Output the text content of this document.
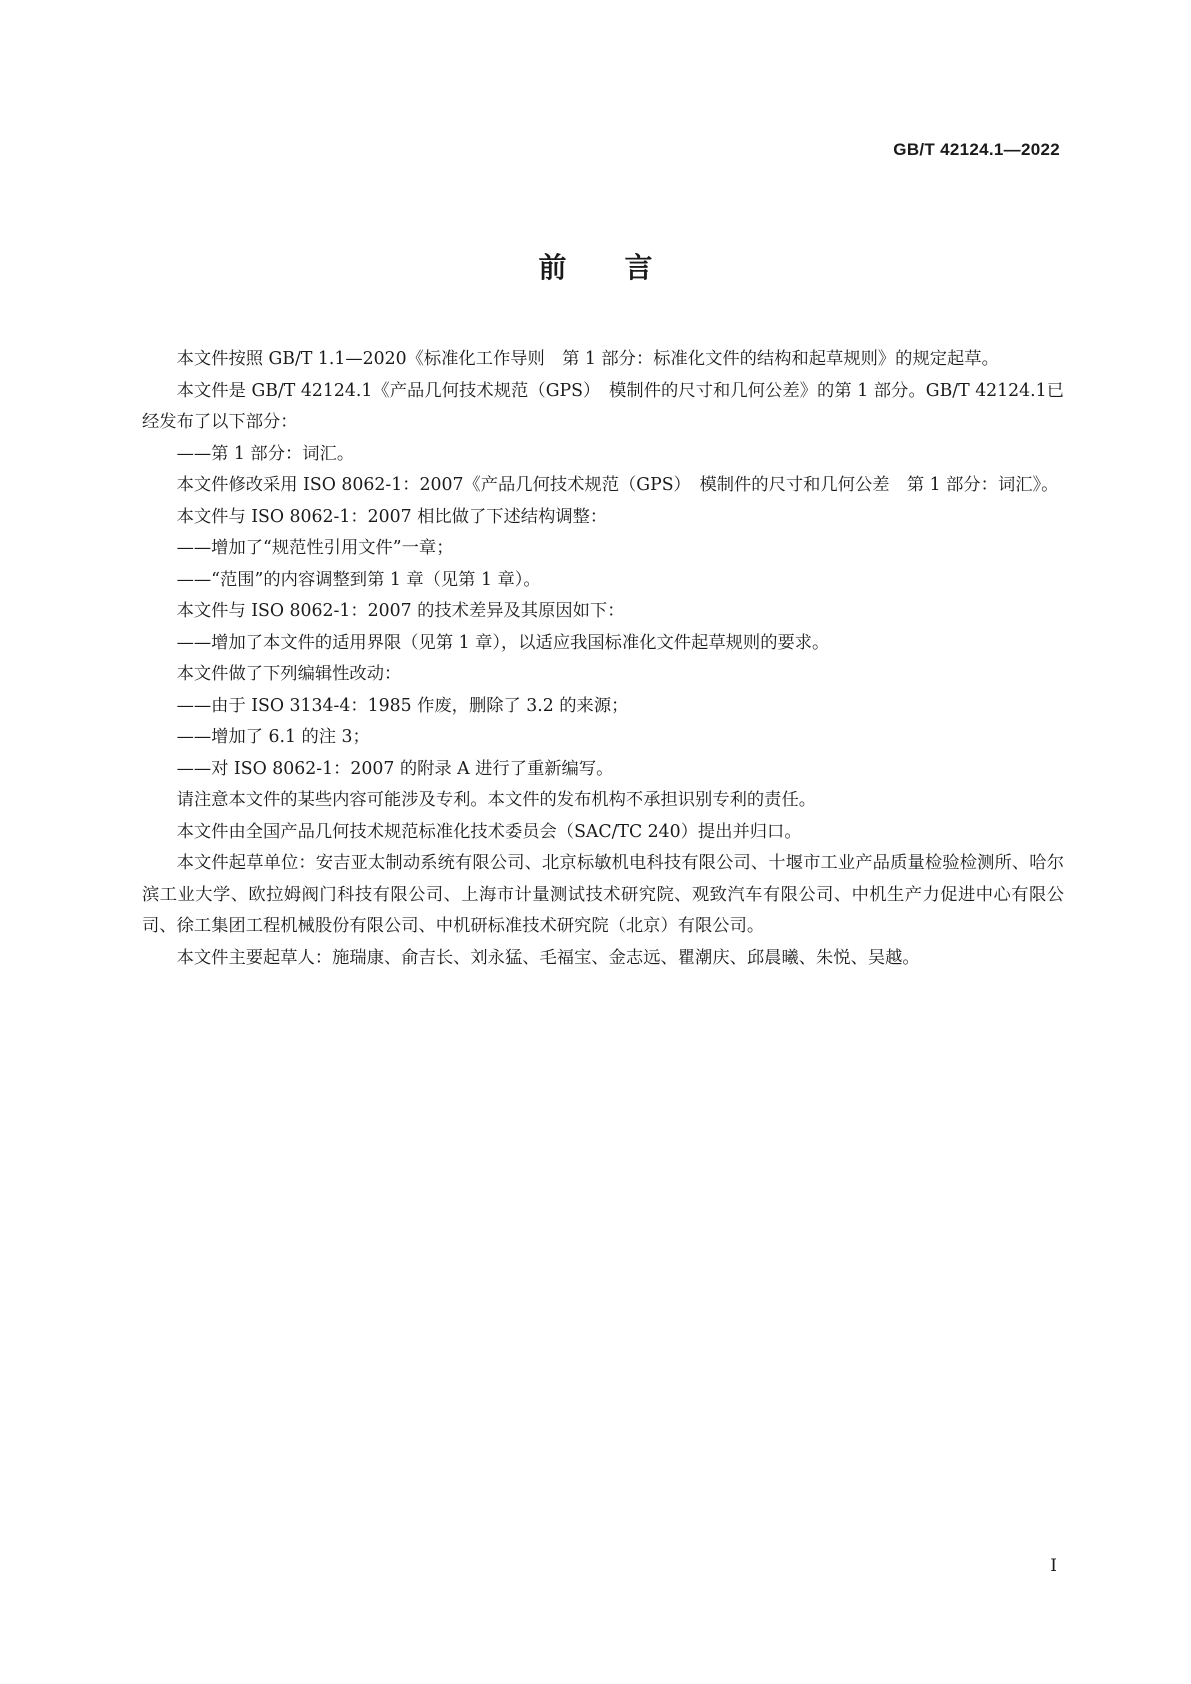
GB/T 42124.1—2022
前言

本文件按照 GB/T 1.1—2020《标准化工作导则　第 1 部分：标准化文件的结构和起草规则》的规定起草。

本文件是 GB/T 42124.1《产品几何技术规范（GPS）　模制件的尺寸和几何公差》的第 1 部分。GB/T 42124.1已经发布了以下部分：

——第 1 部分：词汇。

本文件修改采用 ISO 8062-1：2007《产品几何技术规范（GPS）　模制件的尺寸和几何公差　第 1 部分：词汇》。

本文件与 ISO 8062-1：2007 相比做了下述结构调整：

——增加了“规范性引用文件”一章；

——“范围”的内容调整到第 1 章（见第 1 章）。

本文件与 ISO 8062-1：2007 的技术差异及其原因如下：

——增加了本文件的适用界限（见第 1 章），以适应我国标准化文件起草规则的要求。

本文件做了下列编辑性改动：

——由于 ISO 3134-4：1985 作废，删除了 3.2 的来源；

——增加了 6.1 的注 3；

——对 ISO 8062-1：2007 的附录 A 进行了重新编写。

请注意本文件的某些内容可能涉及专利。本文件的发布机构不承担识别专利的责任。

本文件由全国产品几何技术规范标准化技术委员会（SAC/TC 240）提出并归口。

本文件起草单位：安吉亚太制动系统有限公司、北京标敏机电科技有限公司、十堰市工业产品质量检验检测所、哈尔滨工业大学、欧拉姆阀门科技有限公司、上海市计量测试技术研究院、观致汽车有限公司、中机生产力促进中心有限公司、徐工集团工程机械股份有限公司、中机研标准技术研究院（北京）有限公司。

本文件主要起草人：施瑞康、俞吉长、刘永猛、毛福宝、金志远、瞿潮庆、邱晨曦、朱悦、吴越。

I
